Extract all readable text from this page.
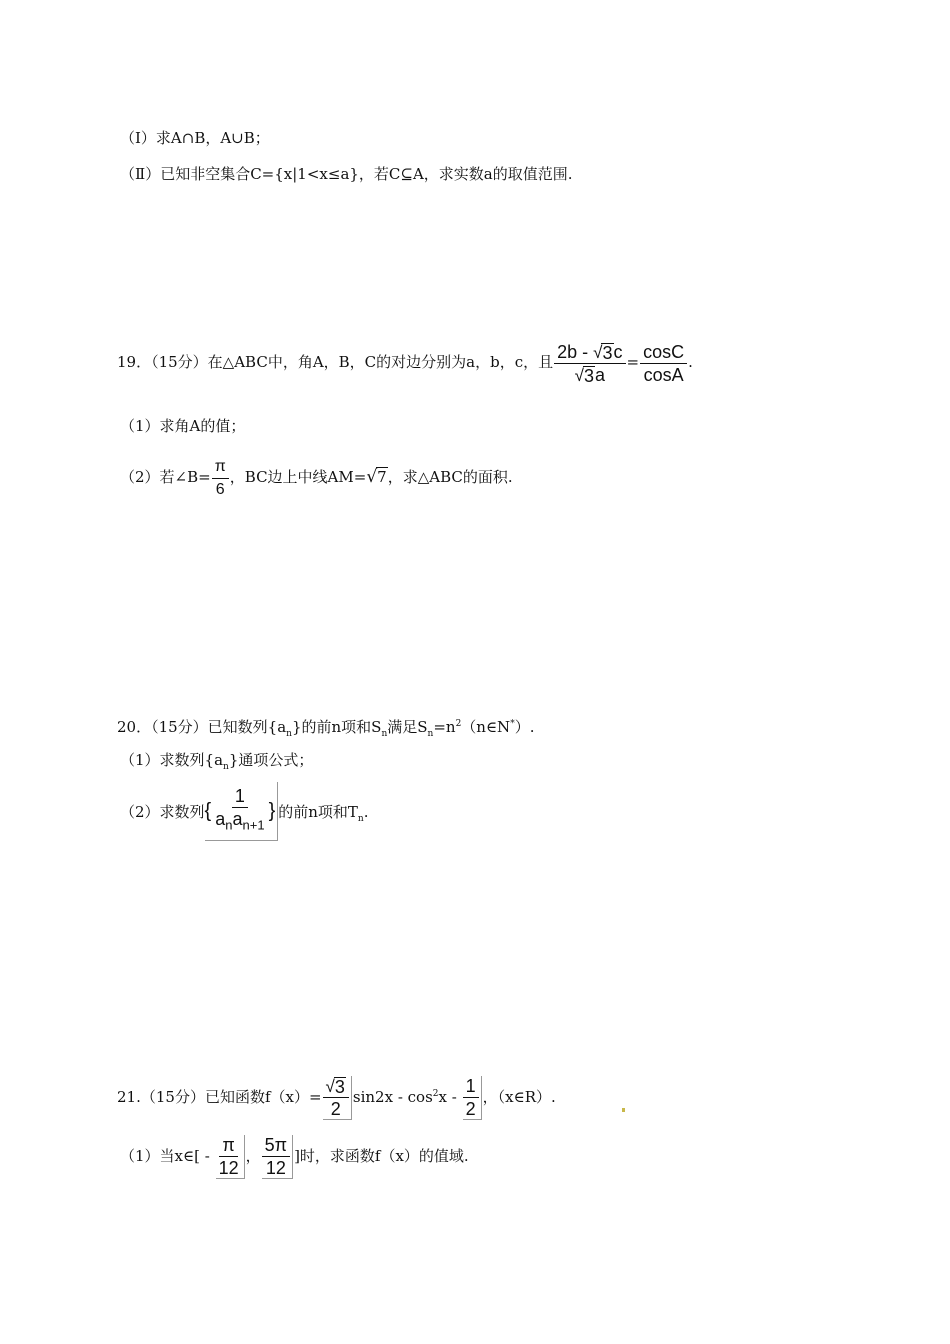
（Ⅰ）求A∩B，A∪B；
（Ⅱ）已知非空集合C={x|1<x≤a}，若C⊆A，求实数a的取值范围.
19．（15分）在△ABC中，角A，B，C的对边分别为a，b，c，且 $\frac{2b - √ 3 c}{√ 3 a} = \frac{\cos C}{\cos A}$ .
（1）求角A的值；
（2）若∠B= $\frac{\pi}{6}$ ，BC边上中线AM= √ 7 ，求△ABC的面积.
20．（15分）已知数列$\{a_n\}$的前n项和$S_n$满足$S_n=n^2(n\in N^*)$.
（1）求数列$\{a_n\}$通项公式；
（2）求数列 { $\frac{1}{a_na_{n+1}}$ } 的前n项和$T_n$.
21.（15分）已知函数$f(x)= \frac{√ 3}{2} \sin 2x - \cos^2x - \frac{1}{2}$ ，（x∈R）.
（1）当x∈[ - $\frac{\pi}{12}$ ， $\frac{5\pi}{12}$ ]时，求函数f（x）的值域.
